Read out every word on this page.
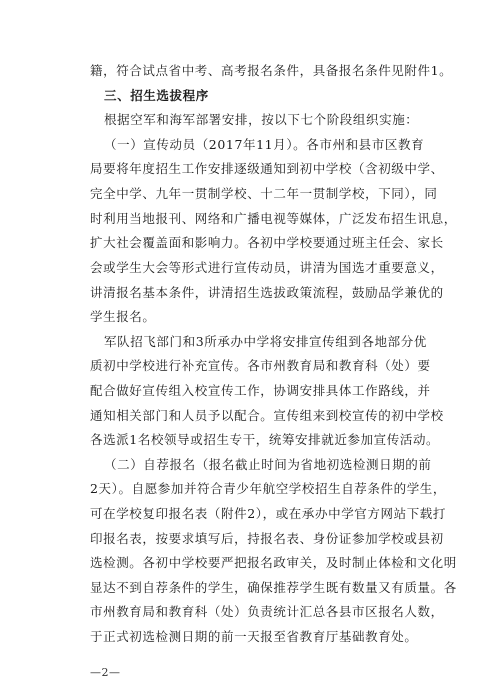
籍，符合试点省中考、高考报名条件，具备报名条件见附件1。
三、招生选拔程序
根据空军和海军部署安排，按以下七个阶段组织实施：
（一）宣传动员（2017年11月）。各市州和县市区教育
局要将年度招生工作安排逐级通知到初中学校（含初级中学、
完全中学、九年一贯制学校、十二年一贯制学校，下同），同
时利用当地报刊、网络和广播电视等媒体，广泛发布招生讯息，
扩大社会覆盖面和影响力。各初中学校要通过班主任会、家长
会或学生大会等形式进行宣传动员，讲清为国选才重要意义，
讲清报名基本条件，讲清招生选拔政策流程，鼓励品学兼优的
学生报名。
军队招飞部门和3所承办中学将安排宣传组到各地部分优
质初中学校进行补充宣传。各市州教育局和教育科（处）要
配合做好宣传组入校宣传工作，协调安排具体工作路线，并
通知相关部门和人员予以配合。宣传组来到校宣传的初中学校
各选派1名校领导或招生专干，统筹安排就近参加宣传活动。
（二）自荐报名（报名截止时间为省地初选检测日期的前
2天）。自愿参加并符合青少年航空学校招生自荐条件的学生，
可在学校复印报名表（附件2），或在承办中学官方网站下载打
印报名表，按要求填写后，持报名表、身份证参加学校或县初
选检测。各初中学校要严把报名政审关，及时制止体检和文化明
显达不到自荐条件的学生，确保推荐学生既有数量又有质量。各
市州教育局和教育科（处）负责统计汇总各县市区报名人数，
于正式初选检测日期的前一天报至省教育厅基础教育处。
—2—
